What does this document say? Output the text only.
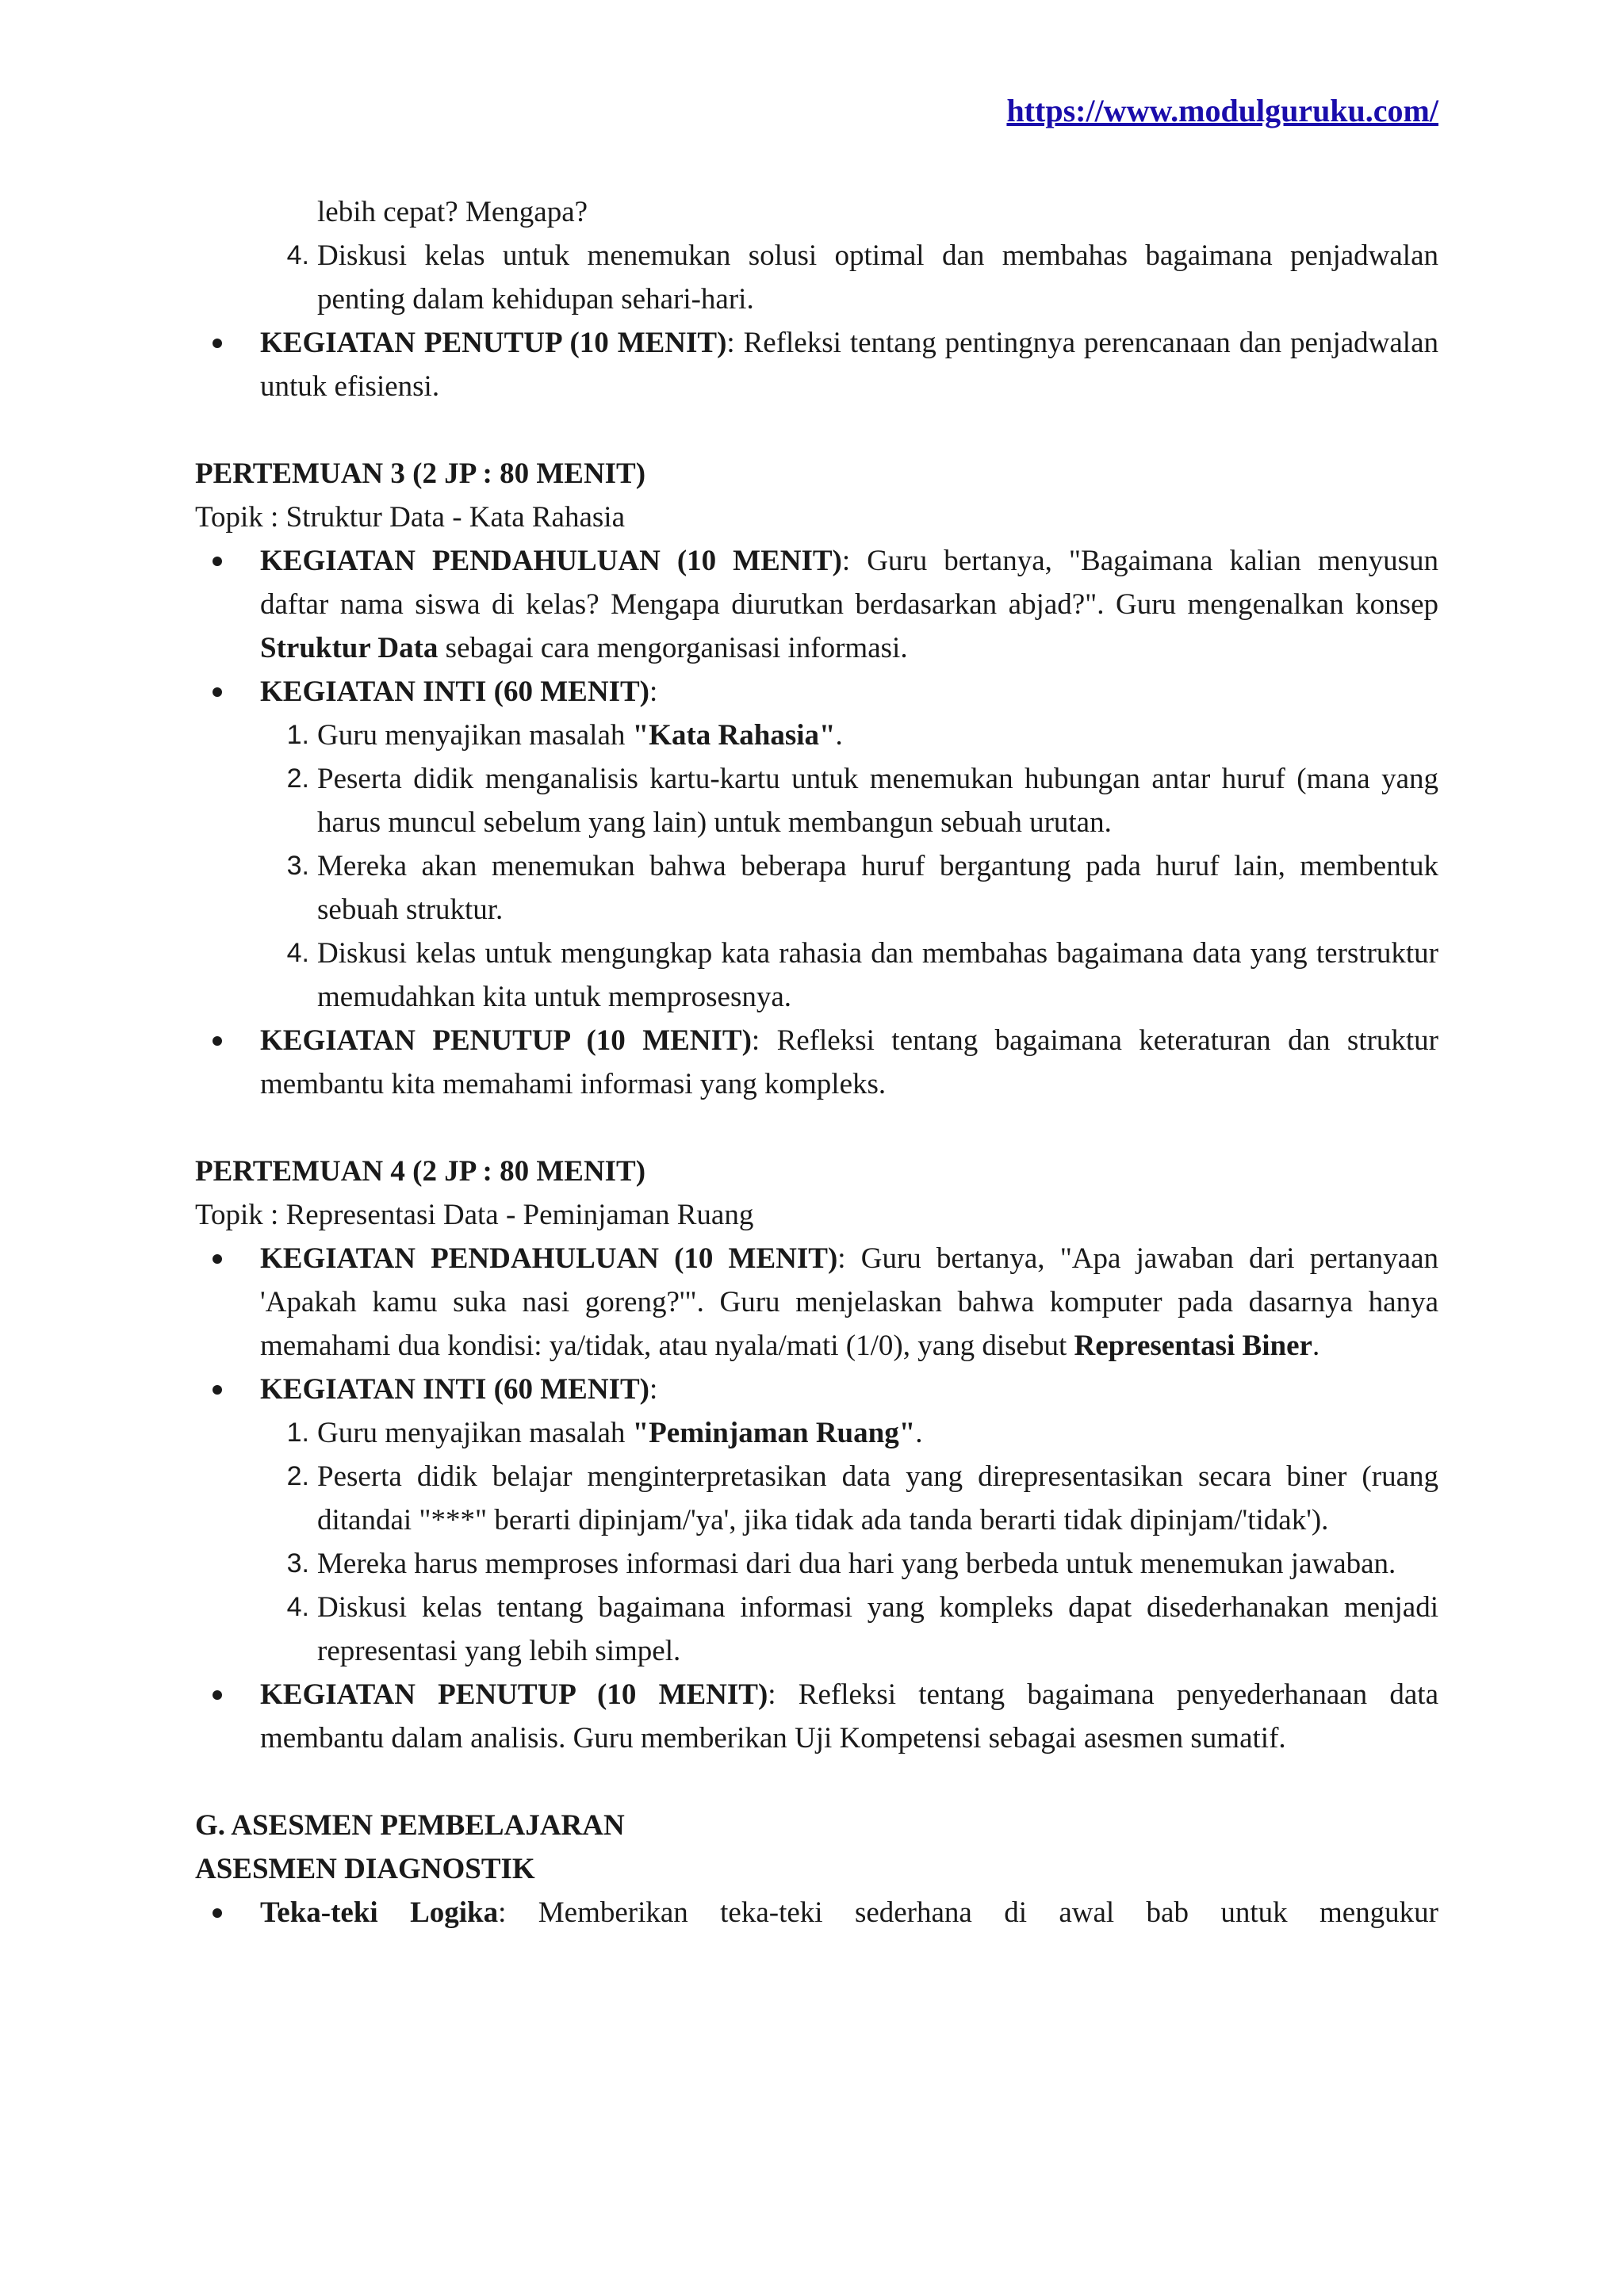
https://www.modulguruku.com/
lebih cepat? Mengapa?
4. Diskusi kelas untuk menemukan solusi optimal dan membahas bagaimana penjadwalan penting dalam kehidupan sehari-hari.
KEGIATAN PENUTUP (10 MENIT): Refleksi tentang pentingnya perencanaan dan penjadwalan untuk efisiensi.
PERTEMUAN 3 (2 JP : 80 MENIT)
Topik : Struktur Data - Kata Rahasia
KEGIATAN PENDAHULUAN (10 MENIT): Guru bertanya, "Bagaimana kalian menyusun daftar nama siswa di kelas? Mengapa diurutkan berdasarkan abjad?". Guru mengenalkan konsep Struktur Data sebagai cara mengorganisasi informasi.
KEGIATAN INTI (60 MENIT):
1. Guru menyajikan masalah "Kata Rahasia".
2. Peserta didik menganalisis kartu-kartu untuk menemukan hubungan antar huruf (mana yang harus muncul sebelum yang lain) untuk membangun sebuah urutan.
3. Mereka akan menemukan bahwa beberapa huruf bergantung pada huruf lain, membentuk sebuah struktur.
4. Diskusi kelas untuk mengungkap kata rahasia dan membahas bagaimana data yang terstruktur memudahkan kita untuk memprosesnya.
KEGIATAN PENUTUP (10 MENIT): Refleksi tentang bagaimana keteraturan dan struktur membantu kita memahami informasi yang kompleks.
PERTEMUAN 4 (2 JP : 80 MENIT)
Topik : Representasi Data - Peminjaman Ruang
KEGIATAN PENDAHULUAN (10 MENIT): Guru bertanya, "Apa jawaban dari pertanyaan 'Apakah kamu suka nasi goreng?'". Guru menjelaskan bahwa komputer pada dasarnya hanya memahami dua kondisi: ya/tidak, atau nyala/mati (1/0), yang disebut Representasi Biner.
KEGIATAN INTI (60 MENIT):
1. Guru menyajikan masalah "Peminjaman Ruang".
2. Peserta didik belajar menginterpretasikan data yang direpresentasikan secara biner (ruang ditandai "***" berarti dipinjam/'ya', jika tidak ada tanda berarti tidak dipinjam/'tidak').
3. Mereka harus memproses informasi dari dua hari yang berbeda untuk menemukan jawaban.
4. Diskusi kelas tentang bagaimana informasi yang kompleks dapat disederhanakan menjadi representasi yang lebih simpel.
KEGIATAN PENUTUP (10 MENIT): Refleksi tentang bagaimana penyederhanaan data membantu dalam analisis. Guru memberikan Uji Kompetensi sebagai asesmen sumatif.
G. ASESMEN PEMBELAJARAN
ASESMEN DIAGNOSTIK
Teka-teki Logika: Memberikan teka-teki sederhana di awal bab untuk mengukur
